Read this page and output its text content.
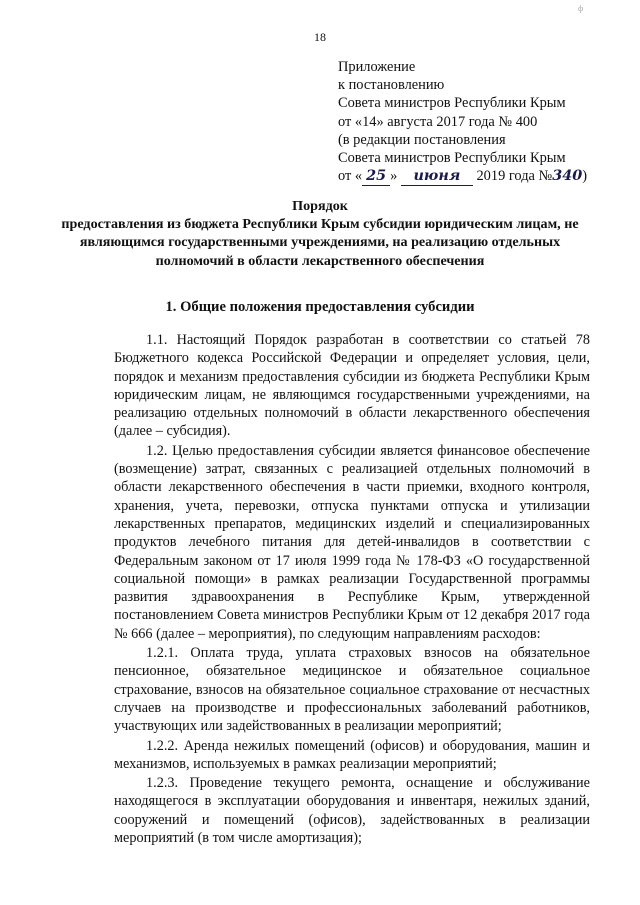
18
ф
Приложение
к постановлению
Совета министров Республики Крым
от «14» августа 2017 года № 400
(в редакции постановления
Совета министров Республики Крым
от « 25 » июня 2019 года №340)
Порядок
предоставления из бюджета Республики Крым субсидии юридическим лицам, не являющимся государственными учреждениями, на реализацию отдельных полномочий в области лекарственного обеспечения
1. Общие положения предоставления субсидии

1.1. Настоящий Порядок разработан в соответствии со статьей 78 Бюджетного кодекса Российской Федерации и определяет условия, цели, порядок и механизм предоставления субсидии из бюджета Республики Крым юридическим лицам, не являющимся государственными учреждениями, на реализацию отдельных полномочий в области лекарственного обеспечения (далее – субсидия).

1.2. Целью предоставления субсидии является финансовое обеспечение (возмещение) затрат, связанных с реализацией отдельных полномочий в области лекарственного обеспечения в части приемки, входного контроля, хранения, учета, перевозки, отпуска пунктами отпуска и утилизации лекарственных препаратов, медицинских изделий и специализированных продуктов лечебного питания для детей-инвалидов в соответствии с Федеральным законом от 17 июля 1999 года № 178-ФЗ «О государственной социальной помощи» в рамках реализации Государственной программы развития здравоохранения в Республике Крым, утвержденной постановлением Совета министров Республики Крым от 12 декабря 2017 года № 666 (далее – мероприятия), по следующим направлениям расходов:

1.2.1. Оплата труда, уплата страховых взносов на обязательное пенсионное, обязательное медицинское и обязательное социальное страхование, взносов на обязательное социальное страхование от несчастных случаев на производстве и профессиональных заболеваний работников, участвующих или задействованных в реализации мероприятий;

1.2.2. Аренда нежилых помещений (офисов) и оборудования, машин и механизмов, используемых в рамках реализации мероприятий;

1.2.3. Проведение текущего ремонта, оснащение и обслуживание находящегося в эксплуатации оборудования и инвентаря, нежилых зданий, сооружений и помещений (офисов), задействованных в реализации мероприятий (в том числе амортизация);
